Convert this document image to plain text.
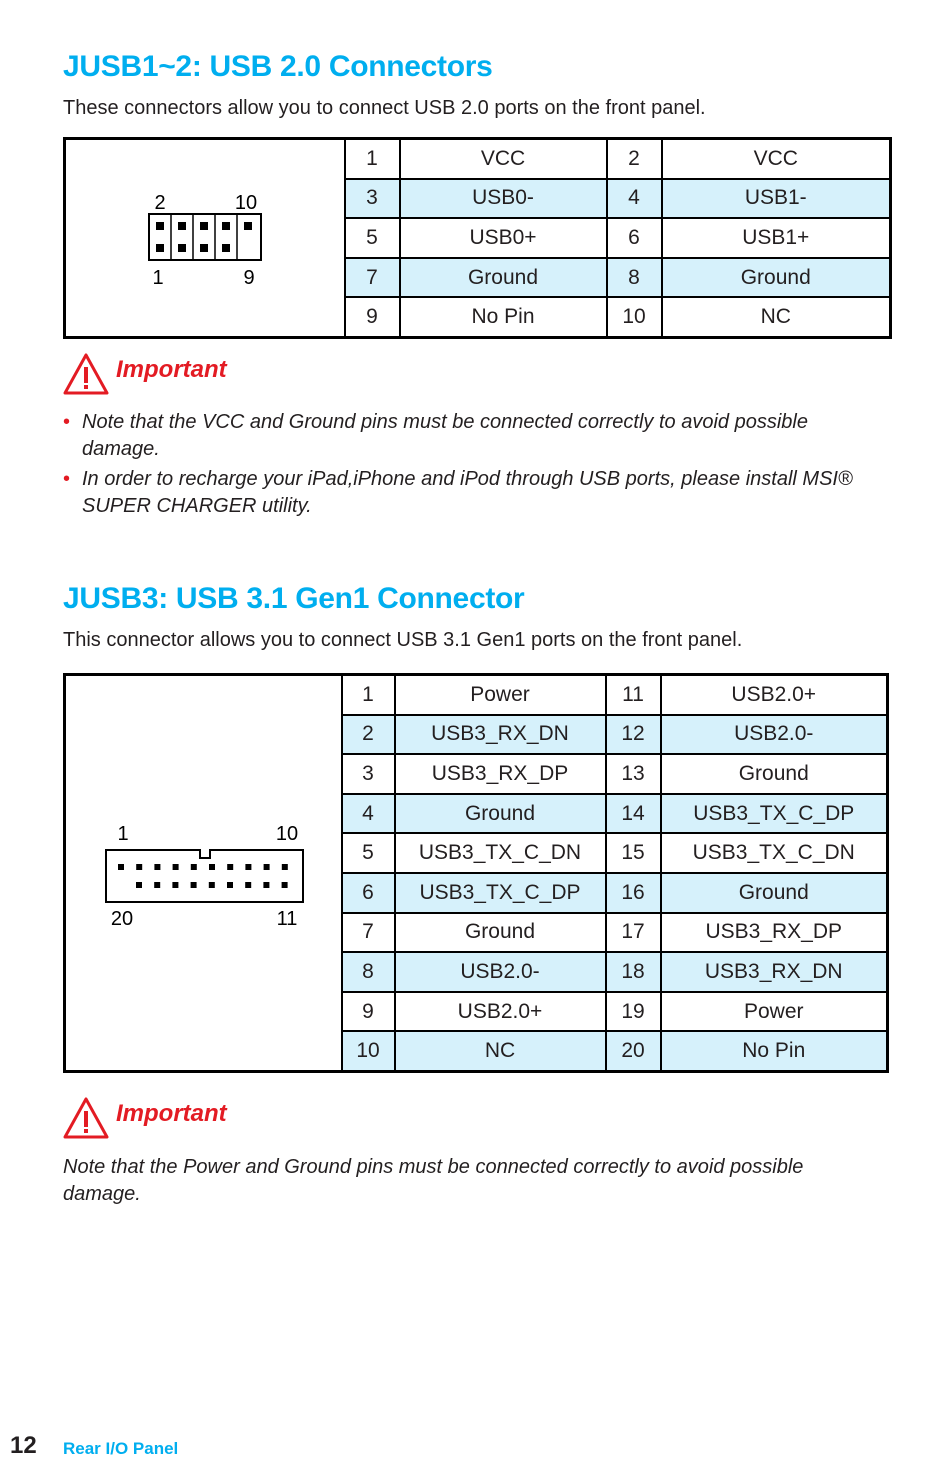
JUSB1~2: USB 2.0 Connectors

These connectors allow you to connect USB 2.0 ports on the front panel.

2 10
1 9	1	VCC	2	VCC
	3	USB0-	4	USB1-
	5	USB0+	6	USB1+
	7	Ground	8	Ground
	9	No Pin	10	NC
Important
• Note that the VCC and Ground pins must be connected correctly to avoid possible damage.
• In order to recharge your iPad,iPhone and iPod through USB ports, please install MSI® SUPER CHARGER utility.
JUSB3: USB 3.1 Gen1 Connector

This connector allows you to connect USB 3.1 Gen1 ports on the front panel.

1 10
20 11	1	Power	11	USB2.0+
	2	USB3_RX_DN	12	USB2.0-
	3	USB3_RX_DP	13	Ground
	4	Ground	14	USB3_TX_C_DP
	5	USB3_TX_C_DN	15	USB3_TX_C_DN
	6	USB3_TX_C_DP	16	Ground
	7	Ground	17	USB3_RX_DP
	8	USB2.0-	18	USB3_RX_DN
	9	USB2.0+	19	Power
	10	NC	20	No Pin
Important

Note that the Power and Ground pins must be connected correctly to avoid possible damage.

12 Rear I/O Panel
